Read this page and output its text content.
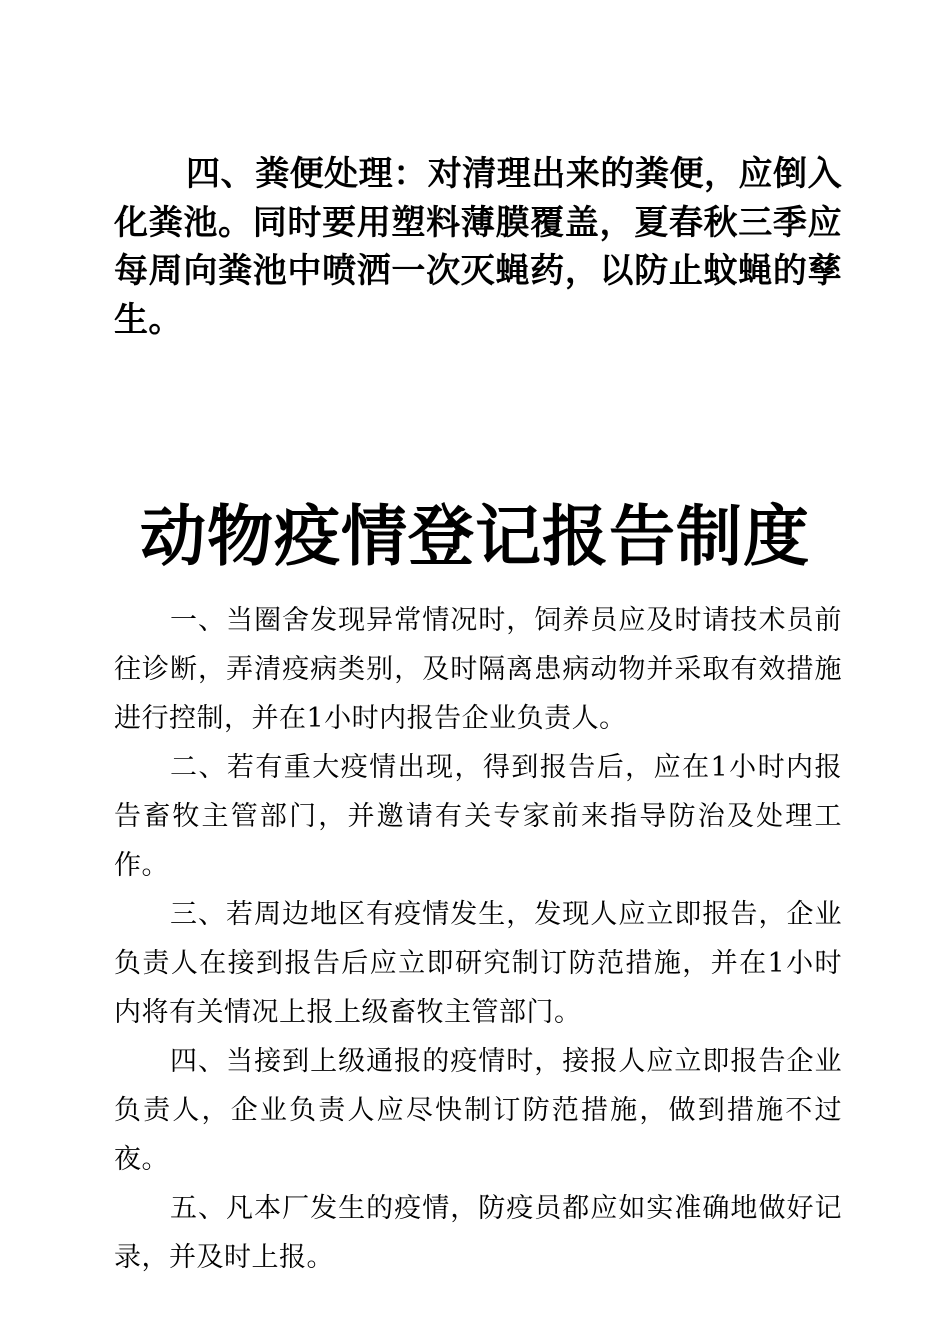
四、粪便处理：对清理出来的粪便，应倒入化粪池。同时要用塑料薄膜覆盖，夏春秋三季应每周向粪池中喷洒一次灭蝇药，以防止蚊蝇的孳生。

动物疫情登记报告制度

一、当圈舍发现异常情况时，饲养员应及时请技术员前往诊断，弄清疫病类别，及时隔离患病动物并采取有效措施进行控制，并在1小时内报告企业负责人。

二、若有重大疫情出现，得到报告后，应在1小时内报告畜牧主管部门，并邀请有关专家前来指导防治及处理工作。

三、若周边地区有疫情发生，发现人应立即报告，企业负责人在接到报告后应立即研究制订防范措施，并在1小时内将有关情况上报上级畜牧主管部门。

四、当接到上级通报的疫情时，接报人应立即报告企业负责人，企业负责人应尽快制订防范措施，做到措施不过夜。

五、凡本厂发生的疫情，防疫员都应如实准确地做好记录，并及时上报。
